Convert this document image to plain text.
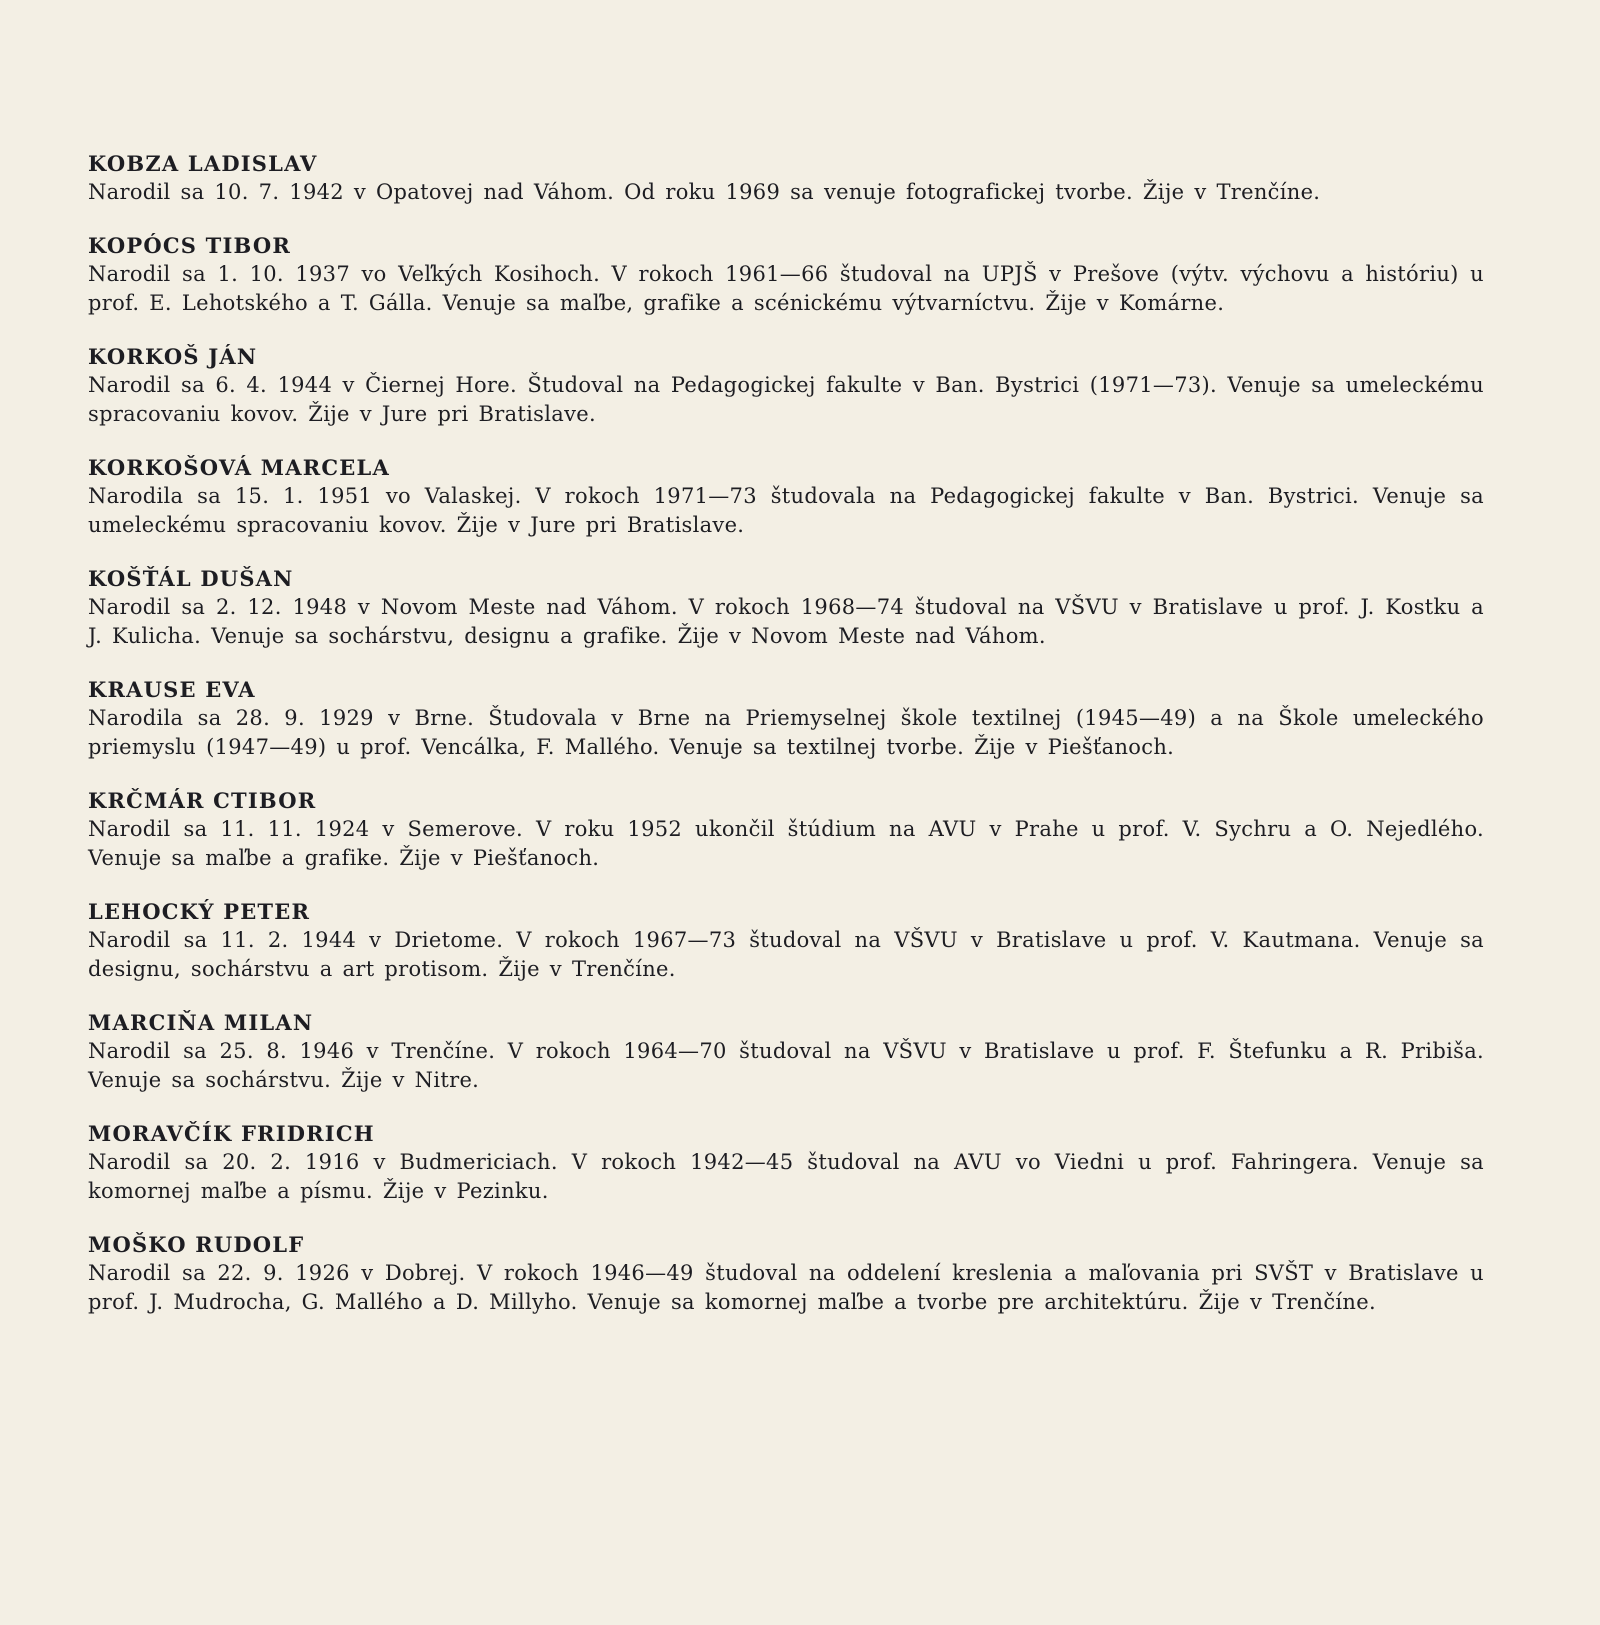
KOBZA LADISLAV

Narodil sa 10. 7. 1942 v Opatovej nad Váhom. Od roku 1969 sa venuje fotografickej tvorbe. Žije v Trenčíne.

KOPÓCS TIBOR

Narodil sa 1. 10. 1937 vo Veľkých Kosihoch. V rokoch 1961—66 študoval na UPJŠ v Prešove (výtv. výchovu a históriu) u prof. E. Lehotského a T. Gálla. Venuje sa maľbe, grafike a scénickému výtvarníctvu. Žije v Komárne.

KORKOŠ JÁN

Narodil sa 6. 4. 1944 v Čiernej Hore. Študoval na Pedagogickej fakulte v Ban. Bystrici (1971—73). Venuje sa umeleckému spracovaniu kovov. Žije v Jure pri Bratislave.

KORKOŠOVÁ MARCELA

Narodila sa 15. 1. 1951 vo Valaskej. V rokoch 1971—73 študovala na Pedagogickej fakulte v Ban. Bystrici. Venuje sa umeleckému spracovaniu kovov. Žije v Jure pri Bratislave.

KOŠŤÁL DUŠAN

Narodil sa 2. 12. 1948 v Novom Meste nad Váhom. V rokoch 1968—74 študoval na VŠVU v Bratislave u prof. J. Kostku a J. Kulicha. Venuje sa sochárstvu, designu a grafike. Žije v Novom Meste nad Váhom.

KRAUSE EVA

Narodila sa 28. 9. 1929 v Brne. Študovala v Brne na Priemyselnej škole textilnej (1945—49) a na Škole umeleckého priemyslu (1947—49) u prof. Vencálka, F. Mallého. Venuje sa textilnej tvorbe. Žije v Piešťanoch.

KRČMÁR CTIBOR

Narodil sa 11. 11. 1924 v Semerove. V roku 1952 ukončil štúdium na AVU v Prahe u prof. V. Sychru a O. Nejedlého. Venuje sa maľbe a grafike. Žije v Piešťanoch.

LEHOCKÝ PETER

Narodil sa 11. 2. 1944 v Drietome. V rokoch 1967—73 študoval na VŠVU v Bratislave u prof. V. Kautmana. Venuje sa designu, sochárstvu a art protisom. Žije v Trenčíne.

MARCIŇA MILAN

Narodil sa 25. 8. 1946 v Trenčíne. V rokoch 1964—70 študoval na VŠVU v Bratislave u prof. F. Štefunku a R. Pribiša. Venuje sa sochárstvu. Žije v Nitre.

MORAVČÍK FRIDRICH

Narodil sa 20. 2. 1916 v Budmericiach. V rokoch 1942—45 študoval na AVU vo Viedni u prof. Fahringera. Venuje sa komornej maľbe a písmu. Žije v Pezinku.

MOŠKO RUDOLF

Narodil sa 22. 9. 1926 v Dobrej. V rokoch 1946—49 študoval na oddelení kreslenia a maľovania pri SVŠT v Bratislave u prof. J. Mudrocha, G. Mallého a D. Millyho. Venuje sa komornej maľbe a tvorbe pre architektúru. Žije v Trenčíne.
